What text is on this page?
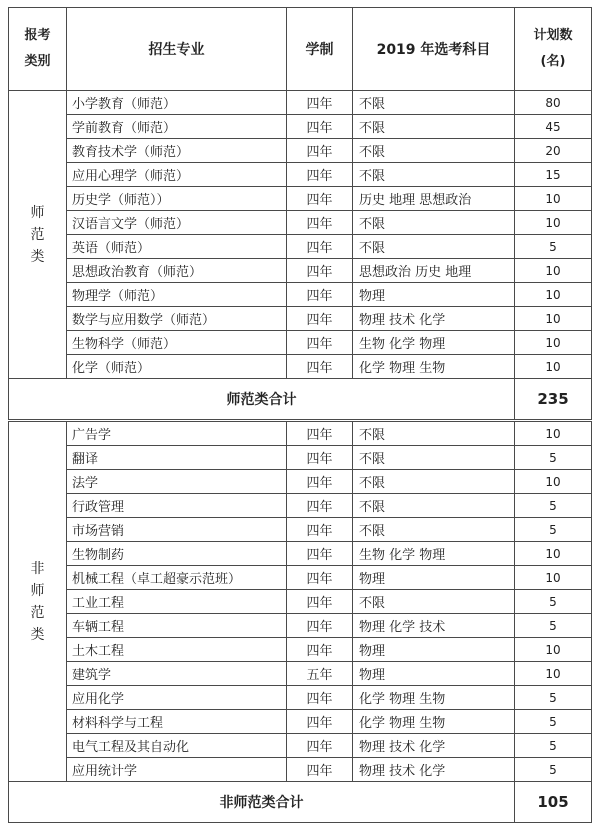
报考
类别	招生专业	学制	2019 年选考科目	计划数
(名)

师
范
类	小学教育（师范）	四年	不限	80
	学前教育（师范）	四年	不限	45
	教育技术学（师范）	四年	不限	20
	应用心理学（师范）	四年	不限	15
	历史学（师范））	四年	历史 地理 思想政治	10
	汉语言文学（师范）	四年	不限	10
	英语（师范）	四年	不限	5
	思想政治教育（师范）	四年	思想政治 历史 地理	10
	物理学（师范）	四年	物理	10
	数学与应用数学（师范）	四年	物理 技术 化学	10
	生物科学（师范）	四年	生物 化学 物理	10
	化学（师范）	四年	化学 物理 生物	10
师范类合计				235

非
师
范
类	广告学	四年	不限	10
	翻译	四年	不限	5
	法学	四年	不限	10
	行政管理	四年	不限	5
	市场营销	四年	不限	5
	生物制药	四年	生物 化学 物理	10
	机械工程（卓工超豪示范班）	四年	物理	10
	工业工程	四年	不限	5
	车辆工程	四年	物理 化学 技术	5
	土木工程	四年	物理	10
	建筑学	五年	物理	10
	应用化学	四年	化学 物理 生物	5
	材料科学与工程	四年	化学 物理 生物	5
	电气工程及其自动化	四年	物理 技术 化学	5
	应用统计学	四年	物理 技术 化学	5
非师范类合计				105
